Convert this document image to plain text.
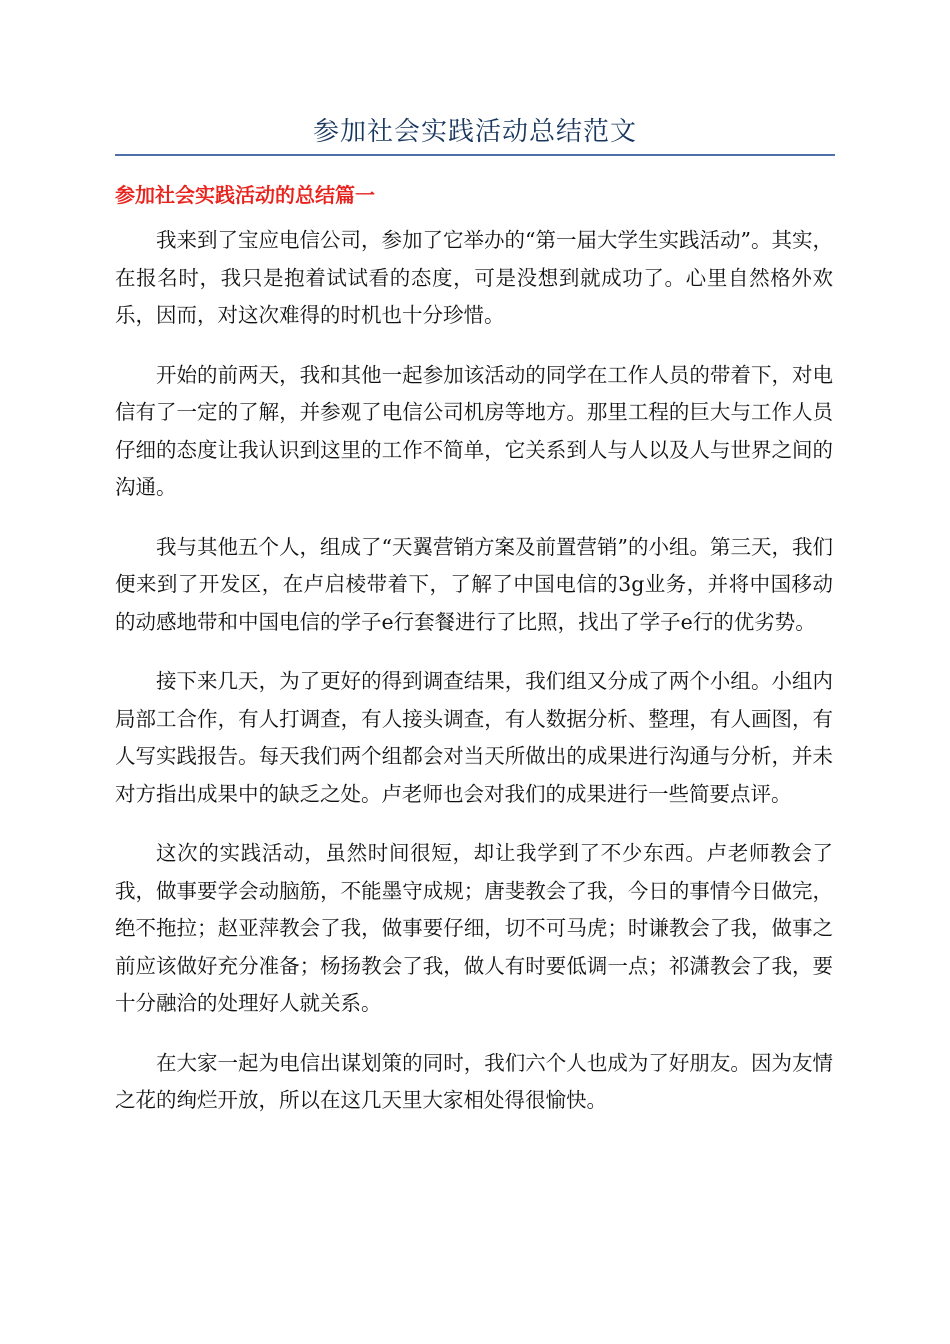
参加社会实践活动总结范文
参加社会实践活动的总结篇一

我来到了宝应电信公司，参加了它举办的“第一届大学生实践活动”。其实，在报名时，我只是抱着试试看的态度，可是没想到就成功了。心里自然格外欢乐，因而，对这次难得的时机也十分珍惜。

开始的前两天，我和其他一起参加该活动的同学在工作人员的带着下，对电信有了一定的了解，并参观了电信公司机房等地方。那里工程的巨大与工作人员仔细的态度让我认识到这里的工作不简单，它关系到人与人以及人与世界之间的沟通。

我与其他五个人，组成了“天翼营销方案及前置营销”的小组。第三天，我们便来到了开发区，在卢启棱带着下，了解了中国电信的3g业务，并将中国移动的动感地带和中国电信的学子e行套餐进行了比照，找出了学子e行的优劣势。

接下来几天，为了更好的得到调查结果，我们组又分成了两个小组。小组内局部工合作，有人打调查，有人接头调查，有人数据分析、整理，有人画图，有人写实践报告。每天我们两个组都会对当天所做出的成果进行沟通与分析，并未对方指出成果中的缺乏之处。卢老师也会对我们的成果进行一些简要点评。

这次的实践活动，虽然时间很短，却让我学到了不少东西。卢老师教会了我，做事要学会动脑筋，不能墨守成规；唐斐教会了我，今日的事情今日做完，绝不拖拉；赵亚萍教会了我，做事要仔细，切不可马虎；时谦教会了我，做事之前应该做好充分准备；杨扬教会了我，做人有时要低调一点；祁潇教会了我，要十分融洽的处理好人就关系。

在大家一起为电信出谋划策的同时，我们六个人也成为了好朋友。因为友情之花的绚烂开放，所以在这几天里大家相处得很愉快。
